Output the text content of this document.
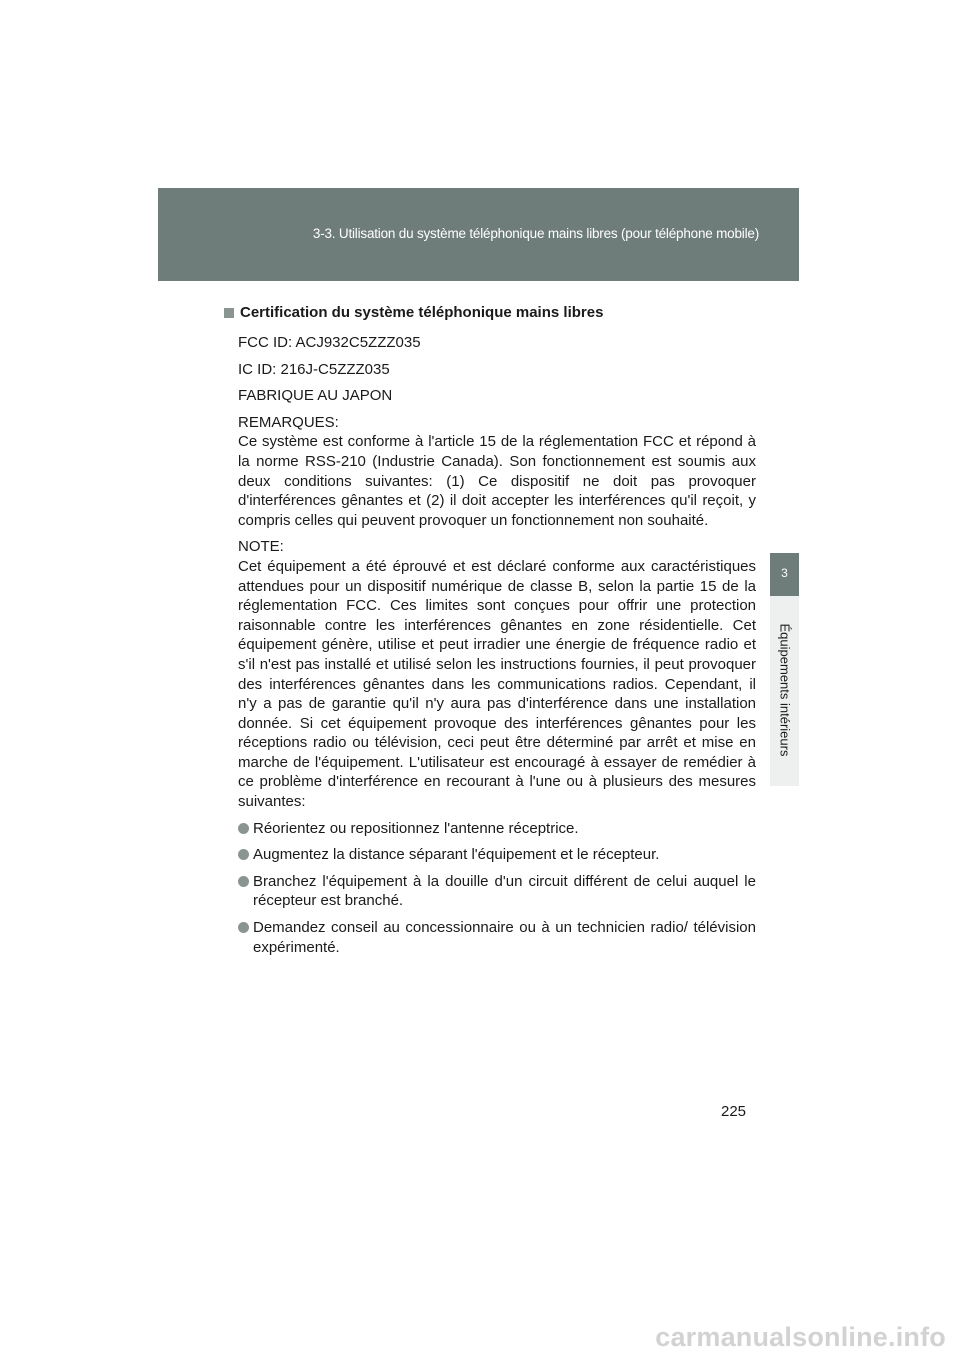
3-3. Utilisation du système téléphonique mains libres (pour téléphone mobile)
3
Équipements intérieurs
Certification du système téléphonique mains libres
FCC ID: ACJ932C5ZZZ035
IC ID: 216J-C5ZZZ035
FABRIQUE AU JAPON
REMARQUES:
Ce système est conforme à l'article 15 de la réglementation FCC et répond à la norme RSS-210 (Industrie Canada). Son fonctionnement est soumis aux deux conditions suivantes: (1) Ce dispositif ne doit pas provoquer d'interférences gênantes et (2) il doit accepter les interférences qu'il reçoit, y compris celles qui peuvent provoquer un fonctionnement non souhaité.
NOTE:
Cet équipement a été éprouvé et est déclaré conforme aux caractéristiques attendues pour un dispositif numérique de classe B, selon la partie 15 de la réglementation FCC. Ces limites sont conçues pour offrir une protection raisonnable contre les interférences gênantes en zone résidentielle. Cet équipement génère, utilise et peut irradier une énergie de fréquence radio et s'il n'est pas installé et utilisé selon les instructions fournies, il peut provoquer des interférences gênantes dans les communications radios. Cependant, il n'y a pas de garantie qu'il n'y aura pas d'interférence dans une installation donnée. Si cet équipement provoque des interférences gênantes pour les réceptions radio ou télévision, ceci peut être déterminé par arrêt et mise en marche de l'équipement. L'utilisateur est encouragé à essayer de remédier à ce problème d'interférence en recourant à l'une ou à plusieurs des mesures suivantes:
Réorientez ou repositionnez l'antenne réceptrice.
Augmentez la distance séparant l'équipement et le récepteur.
Branchez l'équipement à la douille d'un circuit différent de celui auquel le récepteur est branché.
Demandez conseil au concessionnaire ou à un technicien radio/ télévision expérimenté.
225
carmanualsonline.info
